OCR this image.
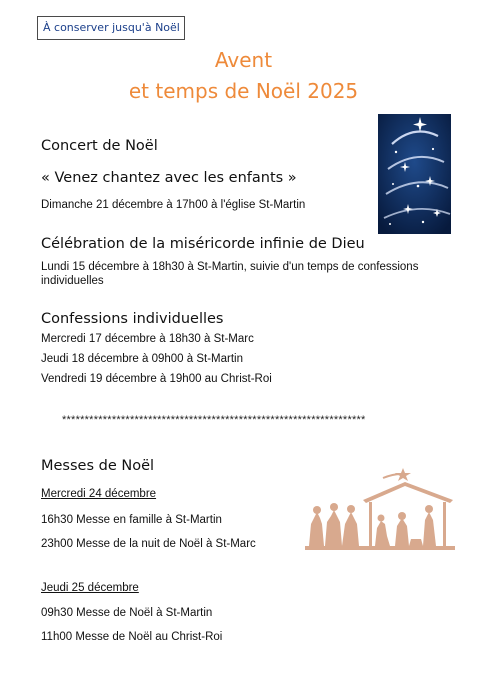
À conserver jusqu'à Noël
Avent
et temps de Noël 2025
Concert de Noël
« Venez chantez avec les enfants »
Dimanche 21 décembre à 17h00 à l'église St-Martin
Célébration de la miséricorde infinie de Dieu
Lundi 15 décembre à 18h30 à St-Martin, suivie d'un temps de confessions
individuelles
Confessions individuelles
Mercredi 17 décembre à 18h30 à St-Marc
Jeudi 18 décembre à 09h00 à St-Martin
Vendredi 19 décembre à 19h00 au Christ-Roi
*******************************************************************
Messes de Noël
Mercredi 24 décembre
16h30 Messe en famille à St-Martin
23h00 Messe de la nuit de Noël à St-Marc
Jeudi 25 décembre
09h30 Messe de Noël à St-Martin
11h00 Messe de Noël au Christ-Roi
